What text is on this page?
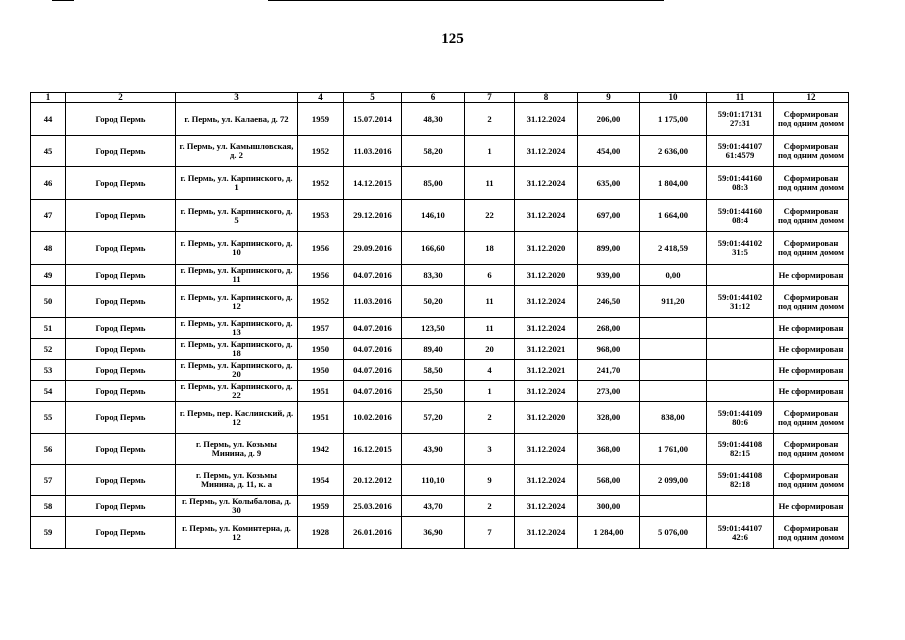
125
1	2	3	4	5	6	7	8	9	10	11	12
44	Город Пермь	г. Пермь, ул. Калаева, д. 72	1959	15.07.2014	48,30	2	31.12.2024	206,00	1 175,00	59:01:17131 27:31	Сформирован под одним домом
45	Город Пермь	г. Пермь, ул. Камышловская, д. 2	1952	11.03.2016	58,20	1	31.12.2024	454,00	2 636,00	59:01:44107 61:4579	Сформирован под одним домом
46	Город Пермь	г. Пермь, ул. Карпинского, д. 1	1952	14.12.2015	85,00	11	31.12.2024	635,00	1 804,00	59:01:44160 08:3	Сформирован под одним домом
47	Город Пермь	г. Пермь, ул. Карпинского, д. 5	1953	29.12.2016	146,10	22	31.12.2024	697,00	1 664,00	59:01:44160 08:4	Сформирован под одним домом
48	Город Пермь	г. Пермь, ул. Карпинского, д. 10	1956	29.09.2016	166,60	18	31.12.2020	899,00	2 418,59	59:01:44102 31:5	Сформирован под одним домом
49	Город Пермь	г. Пермь, ул. Карпинского, д. 11	1956	04.07.2016	83,30	6	31.12.2020	939,00	0,00		Не сформирован
50	Город Пермь	г. Пермь, ул. Карпинского, д. 12	1952	11.03.2016	50,20	11	31.12.2024	246,50	911,20	59:01:44102 31:12	Сформирован под одним домом
51	Город Пермь	г. Пермь, ул. Карпинского, д. 13	1957	04.07.2016	123,50	11	31.12.2024	268,00			Не сформирован
52	Город Пермь	г. Пермь, ул. Карпинского, д. 18	1950	04.07.2016	89,40	20	31.12.2021	968,00			Не сформирован
53	Город Пермь	г. Пермь, ул. Карпинского, д. 20	1950	04.07.2016	58,50	4	31.12.2021	241,70			Не сформирован
54	Город Пермь	г. Пермь, ул. Карпинского, д. 22	1951	04.07.2016	25,50	1	31.12.2024	273,00			Не сформирован
55	Город Пермь	г. Пермь, пер. Каслинский, д. 12	1951	10.02.2016	57,20	2	31.12.2020	328,00	838,00	59:01:44109 80:6	Сформирован под одним домом
56	Город Пермь	г. Пермь, ул. Козьмы Минина, д. 9	1942	16.12.2015	43,90	3	31.12.2024	368,00	1 761,00	59:01:44108 82:15	Сформирован под одним домом
57	Город Пермь	г. Пермь, ул. Козьмы Минина, д. 11, к. а	1954	20.12.2012	110,10	9	31.12.2024	568,00	2 099,00	59:01:44108 82:18	Сформирован под одним домом
58	Город Пермь	г. Пермь, ул. Колыбалова, д. 30	1959	25.03.2016	43,70	2	31.12.2024	300,00			Не сформирован
59	Город Пермь	г. Пермь, ул. Коминтерна, д. 12	1928	26.01.2016	36,90	7	31.12.2024	1 284,00	5 076,00	59:01:44107 42:6	Сформирован под одним домом
